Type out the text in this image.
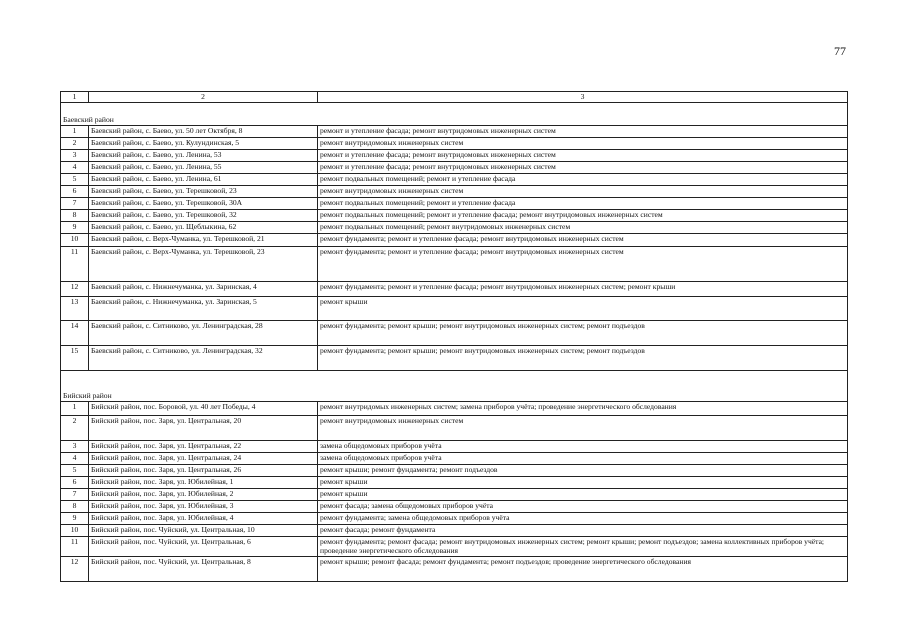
77
1	2	3
Баевский район		
1	Баевский район, с. Баево, ул. 50 лет Октября, 8	ремонт и утепление фасада; ремонт внутридомовых инженерных систем
2	Баевский район, с. Баево, ул. Кулундинская, 5	ремонт внутридомовых инженерных систем
3	Баевский район, с. Баево, ул. Ленина, 53	ремонт и утепление фасада; ремонт внутридомовых инженерных систем
4	Баевский район, с. Баево, ул. Ленина, 55	ремонт и утепление фасада; ремонт внутридомовых инженерных систем
5	Баевский район, с. Баево, ул. Ленина, 61	ремонт подвальных помещений; ремонт и утепление фасада
6	Баевский район, с. Баево, ул. Терешковой, 23	ремонт внутридомовых инженерных систем
7	Баевский район, с. Баево, ул. Терешковой, 30А	ремонт подвальных помещений; ремонт и утепление фасада
8	Баевский район, с. Баево, ул. Терешковой, 32	ремонт подвальных помещений; ремонт и утепление фасада; ремонт внутридомовых инженерных систем
9	Баевский район, с. Баево, ул. Щеблыкина, 62	ремонт подвальных помещений; ремонт внутридомовых инженерных систем
10	Баевский район, с. Верх-Чуманка, ул. Терешковой, 21	ремонт фундамента; ремонт и утепление фасада; ремонт внутридомовых инженерных систем
11	Баевский район, с. Верх-Чуманка, ул. Терешковой, 23	ремонт фундамента; ремонт и утепление фасада; ремонт внутридомовых инженерных систем
12	Баевский район, с. Нижнечуманка, ул. Заринская, 4	ремонт фундамента; ремонт и утепление фасада; ремонт внутридомовых инженерных систем; ремонт крыши
13	Баевский район, с. Нижнечуманка, ул. Заринская, 5	ремонт крыши
14	Баевский район, с. Ситниково, ул. Ленинградская, 28	ремонт фундамента; ремонт крыши; ремонт внутридомовых инженерных систем; ремонт подъездов
15	Баевский район, с. Ситниково, ул. Ленинградская, 32	ремонт фундамента; ремонт крыши; ремонт внутридомовых инженерных систем; ремонт подъездов
Бийский район		
1	Бийский район, пос. Боровой, ул. 40 лет Победы, 4	ремонт внутридомых инженерных систем; замена приборов учёта; проведение энергетического обследования
2	Бийский район, пос. Заря, ул. Центральная, 20	ремонт внутридомовых инженерных систем
3	Бийский район, пос. Заря, ул. Центральная, 22	замена общедомовых приборов учёта
4	Бийский район, пос. Заря, ул. Центральная, 24	замена общедомовых приборов учёта
5	Бийский район, пос. Заря, ул. Центральная, 26	ремонт крыши; ремонт фундамента; ремонт подъездов
6	Бийский район, пос. Заря, ул. Юбилейная, 1	ремонт крыши
7	Бийский район, пос. Заря, ул. Юбилейная, 2	ремонт крыши
8	Бийский район, пос. Заря, ул. Юбилейная, 3	ремонт фасада; замена общедомовых приборов учёта
9	Бийский район, пос. Заря, ул. Юбилейная, 4	ремонт фундамента; замена общедомовых приборов учёта
10	Бийский район, пос. Чуйский, ул. Центральная, 10	ремонт фасада; ремонт фундамента
11	Бийский район, пос. Чуйский, ул. Центральная, 6	ремонт фундамента; ремонт фасада; ремонт внутридомовых инженерных систем; ремонт крыши; ремонт подъездов; замена коллективных приборов учёта; проведение энергетического обследования
12	Бийский район, пос. Чуйский, ул. Центральная, 8	ремонт крыши; ремонт фасада; ремонт фундамента; ремонт подъездов; проведение энергетического обследования
